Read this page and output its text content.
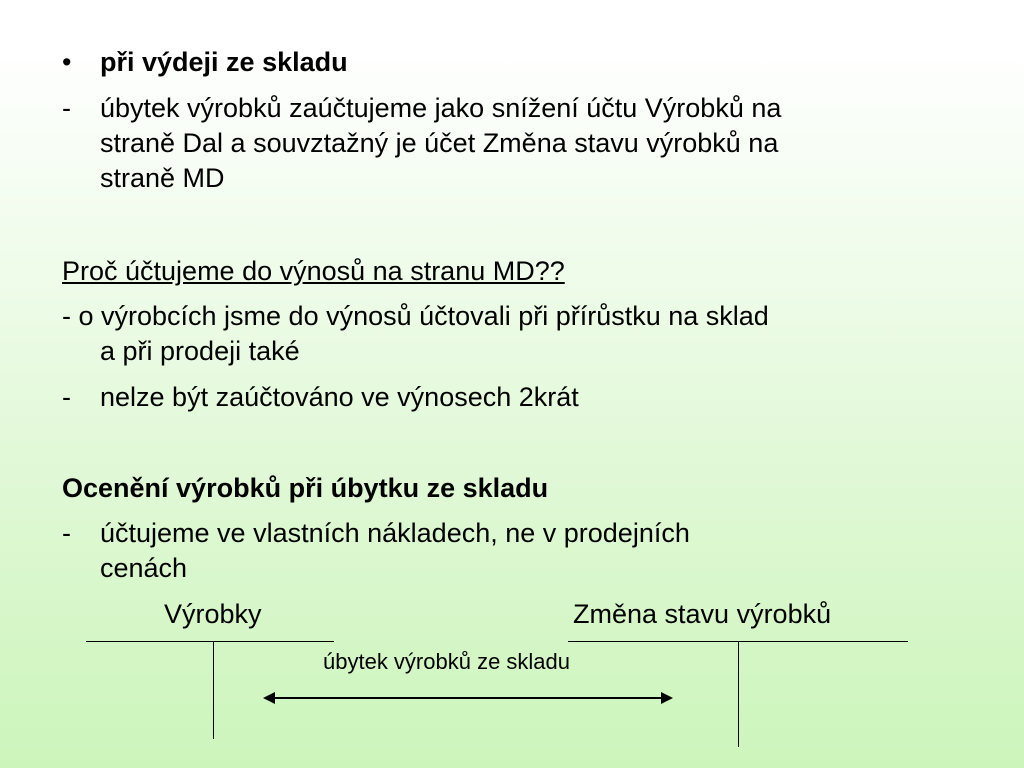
• při výdeji ze skladu
- úbytek výrobků zaúčtujeme jako snížení účtu Výrobků na
straně Dal a souvztažný je účet Změna stavu výrobků na
straně MD
Proč účtujeme do výnosů na stranu MD??
- o výrobcích jsme do výnosů účtovali při přírůstku na sklad
a při prodeji také
- nelze být zaúčtováno ve výnosech 2krát
Ocenění výrobků při úbytku ze skladu
- účtujeme ve vlastních nákladech, ne v prodejních
cenách
Výrobky	Změna stavu výrobků
úbytek výrobků ze skladu
